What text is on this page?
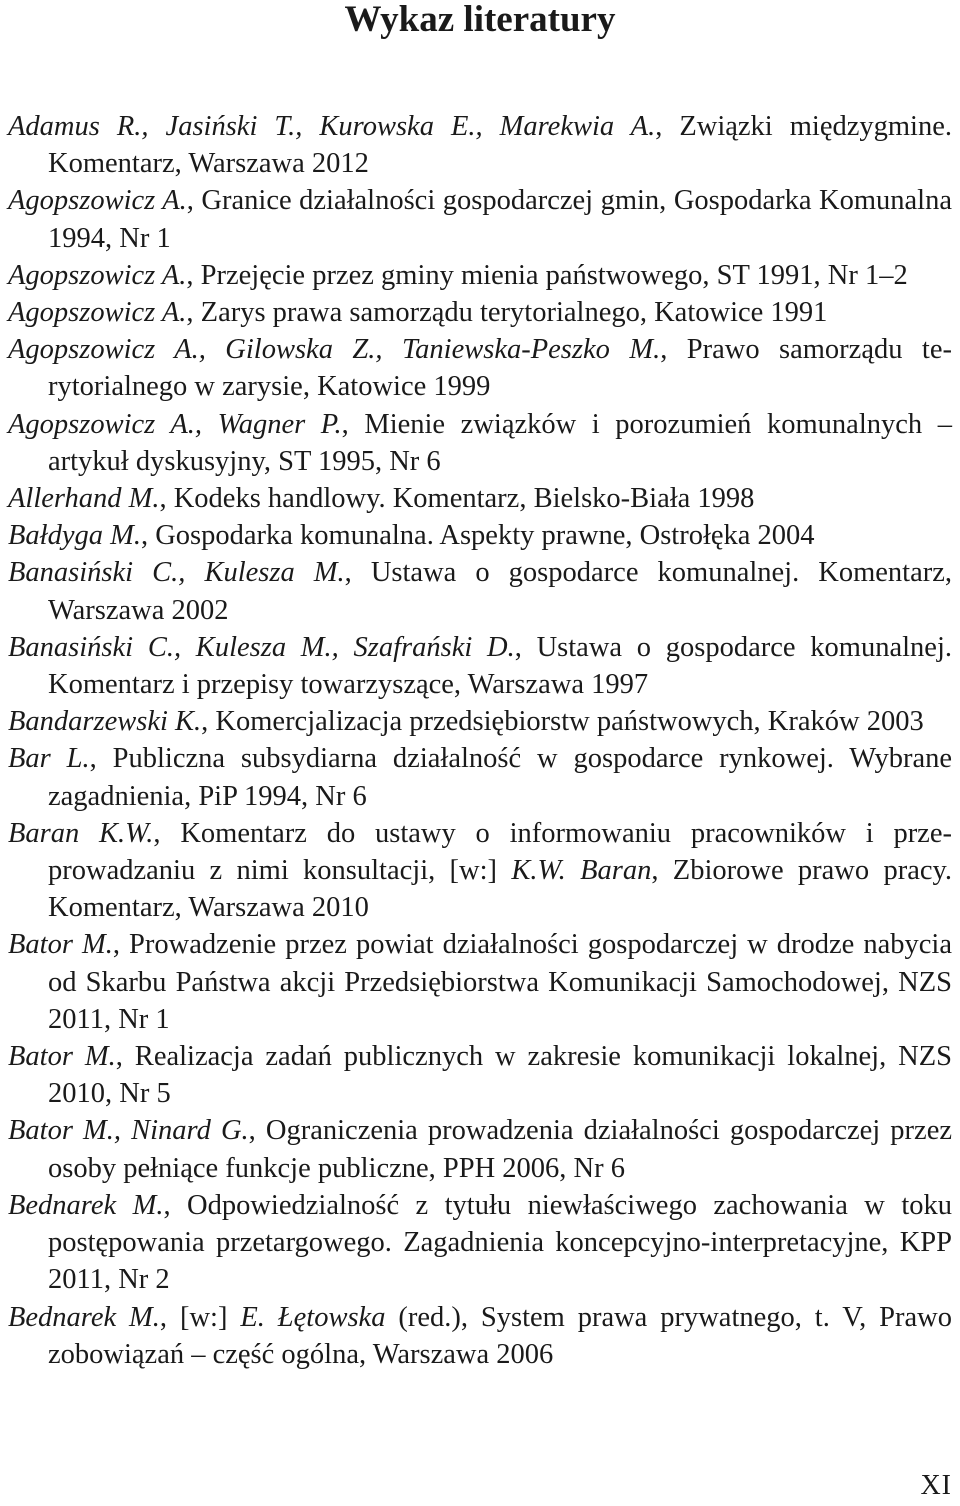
Wykaz literatury
Adamus R., Jasiński T., Kurowska E., Marekwia A., Związki międzygmine. Komentarz, Warszawa 2012
Agopszowicz A., Granice działalności gospodarczej gmin, Gospodarka Komunalna 1994, Nr 1
Agopszowicz A., Przejęcie przez gminy mienia państwowego, ST 1991, Nr 1–2
Agopszowicz A., Zarys prawa samorządu terytorialnego, Katowice 1991
Agopszowicz A., Gilowska Z., Taniewska-Peszko M., Prawo samorządu terytorialnego w zarysie, Katowice 1999
Agopszowicz A., Wagner P., Mienie związków i porozumień komunalnych – artykuł dyskusyjny, ST 1995, Nr 6
Allerhand M., Kodeks handlowy. Komentarz, Bielsko-Biała 1998
Bałdyga M., Gospodarka komunalna. Aspekty prawne, Ostrołęka 2004
Banasiński C., Kulesza M., Ustawa o gospodarce komunalnej. Komentarz, Warszawa 2002
Banasiński C., Kulesza M., Szafrański D., Ustawa o gospodarce komunalnej. Komentarz i przepisy towarzyszące, Warszawa 1997
Bandarzewski K., Komercjalizacja przedsiębiorstw państwowych, Kraków 2003
Bar L., Publiczna subsydiarna działalność w gospodarce rynkowej. Wybrane zagadnienia, PiP 1994, Nr 6
Baran K.W., Komentarz do ustawy o informowaniu pracowników i przeprowadzaniu z nimi konsultacji, [w:] K.W. Baran, Zbiorowe prawo pracy. Komentarz, Warszawa 2010
Bator M., Prowadzenie przez powiat działalności gospodarczej w drodze nabycia od Skarbu Państwa akcji Przedsiębiorstwa Komunikacji Samochodowej, NZS 2011, Nr 1
Bator M., Realizacja zadań publicznych w zakresie komunikacji lokalnej, NZS 2010, Nr 5
Bator M., Ninard G., Ograniczenia prowadzenia działalności gospodarczej przez osoby pełniące funkcje publiczne, PPH 2006, Nr 6
Bednarek M., Odpowiedzialność z tytułu niewłaściwego zachowania w toku postępowania przetargowego. Zagadnienia koncepcyjno-interpretacyjne, KPP 2011, Nr 2
Bednarek M., [w:] E. Łętowska (red.), System prawa prywatnego, t. V, Prawo zobowiązań – część ogólna, Warszawa 2006
XI
